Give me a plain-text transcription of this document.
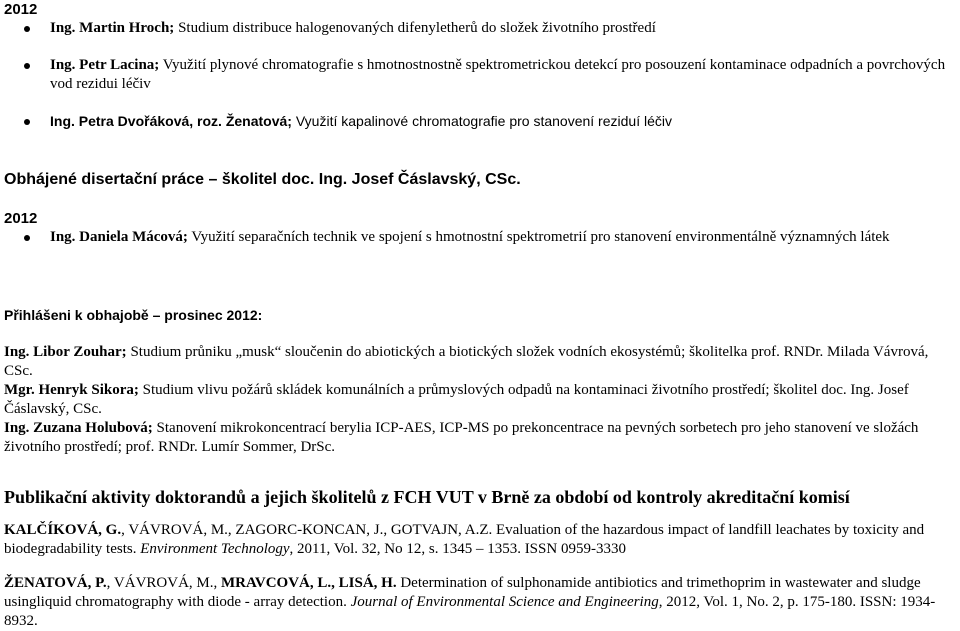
2012
Ing. Martin Hroch; Studium distribuce halogenovaných difenyletherů do složek životního prostředí
Ing. Petr Lacina; Využití plynové chromatografie s hmotnostnostně spektrometrickou detekcí pro posouzení kontaminace odpadních a povrchových vod rezidui léčiv
Ing. Petra Dvořáková, roz. Ženatová; Využití kapalinové chromatografie pro stanovení reziduí léčiv
Obhájené disertační práce – školitel doc. Ing. Josef Čáslavský, CSc.
2012
Ing. Daniela Mácová; Využití separačních technik ve spojení s hmotnostní spektrometrií pro stanovení environmentálně významných látek
Přihlášeni k obhajobě – prosinec 2012:

Ing. Libor Zouhar; Studium průniku „musk“ sloučenin do abiotických a biotických složek vodních ekosystémů; školitelka prof. RNDr. Milada Vávrová, CSc.

Mgr. Henryk Sikora; Studium vlivu požárů skládek komunálních a průmyslových odpadů na kontaminaci životního prostředí; školitel doc. Ing. Josef Čáslavský, CSc.

Ing. Zuzana Holubová; Stanovení mikrokoncentrací berylia ICP-AES, ICP-MS po prekoncentrace na pevných sorbetech pro jeho stanovení ve složách životního prostředí; prof. RNDr. Lumír Sommer, DrSc.

Publikační aktivity doktorandů a jejich školitelů z FCH VUT v Brně za období od kontroly akreditační komisí

KALČÍKOVÁ, G., VÁVROVÁ, M., ZAGORC-KONCAN, J., GOTVAJN, A.Z. Evaluation of the hazardous impact of landfill leachates by toxicity and biodegradability tests. Environment Technology, 2011, Vol. 32, No 12, s. 1345 – 1353. ISSN 0959-3330

ŽENATOVÁ, P., VÁVROVÁ, M., MRAVCOVÁ, L., LISÁ, H. Determination of sulphonamide antibiotics and trimethoprim in wastewater and sludge usingliquid chromatography with diode - array detection. Journal of Environmental Science and Engineering, 2012, Vol. 1, No. 2, p. 175-180. ISSN: 1934-8932.
